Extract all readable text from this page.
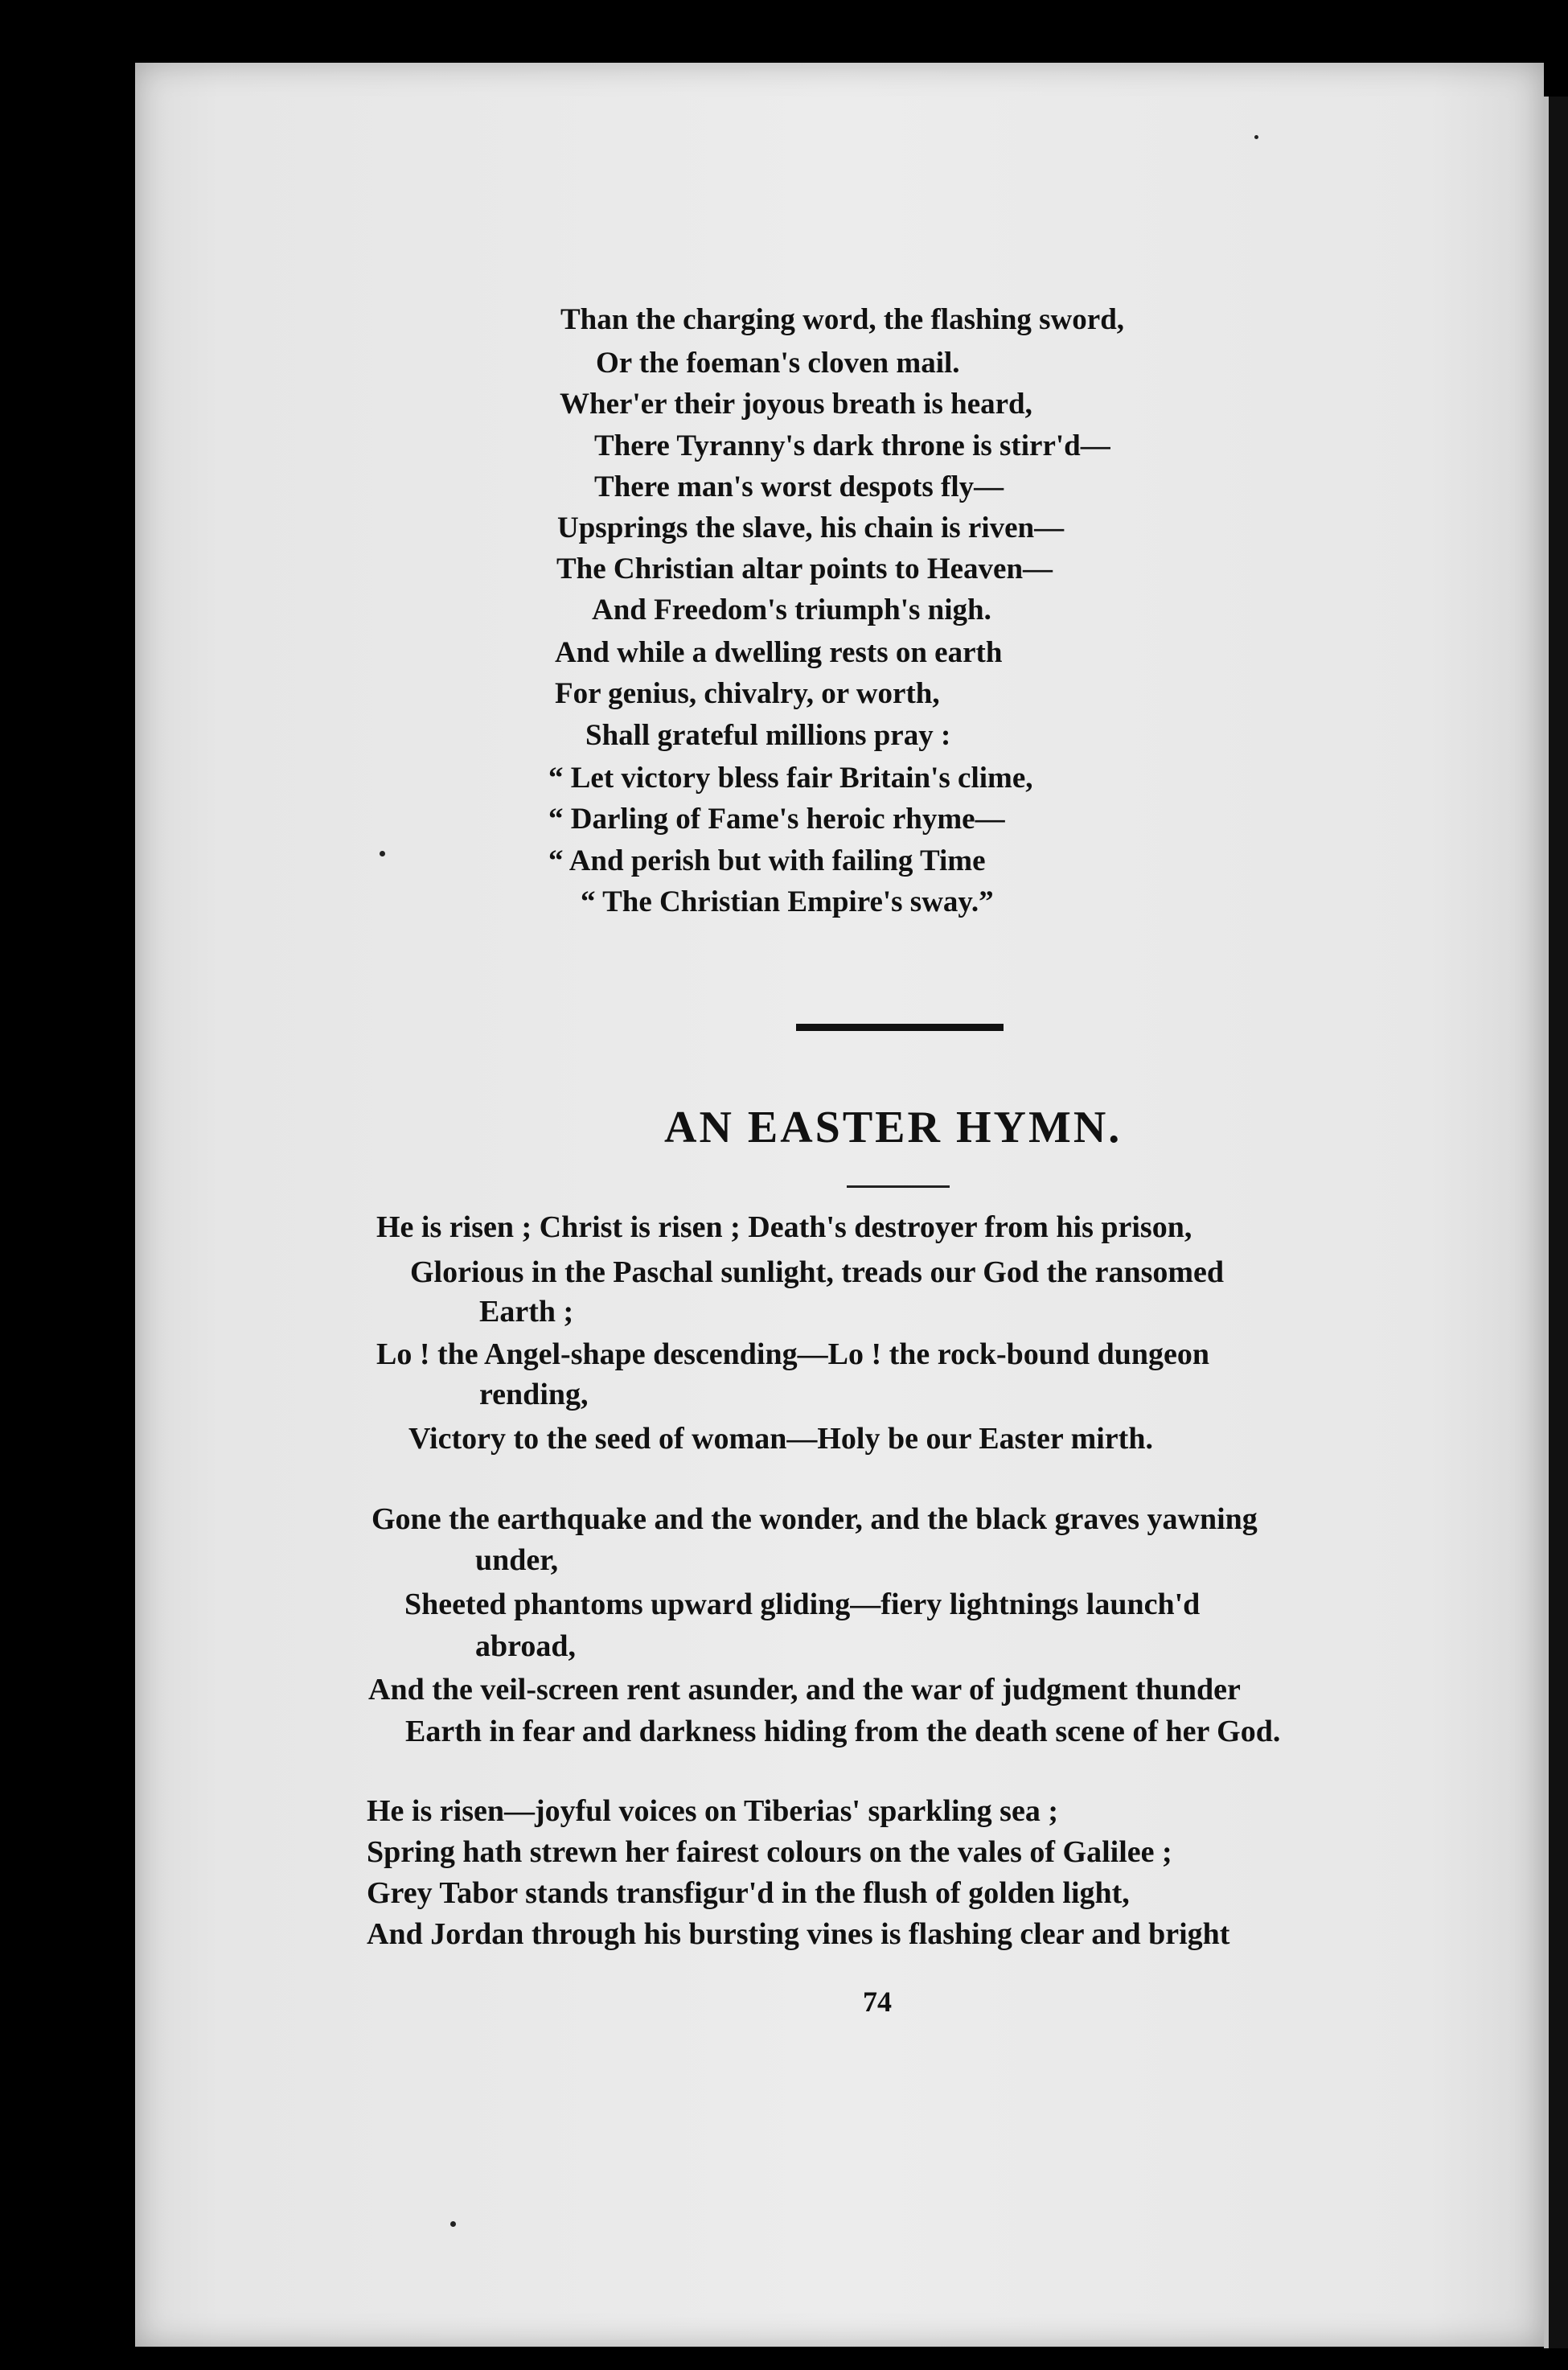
Than the charging word, the flashing sword,
Or the foeman's cloven mail.
Wher'er their joyous breath is heard,
There Tyranny's dark throne is stirr'd—
There man's worst despots fly—
Upsprings the slave, his chain is riven—
The Christian altar points to Heaven—
And Freedom's triumph's nigh.
And while a dwelling rests on earth
For genius, chivalry, or worth,
Shall grateful millions pray :
“ Let victory bless fair Britain's clime,
“ Darling of Fame's heroic rhyme—
“ And perish but with failing Time
“ The Christian Empire's sway.”
AN EASTER HYMN.
He is risen ; Christ is risen ; Death's destroyer from his prison,
Glorious in the Paschal sunlight, treads our God the ransomed
Earth ;
Lo ! the Angel-shape descending—Lo ! the rock-bound dungeon
rending,
Victory to the seed of woman—Holy be our Easter mirth.
Gone the earthquake and the wonder, and the black graves yawning
under,
Sheeted phantoms upward gliding—fiery lightnings launch'd
abroad,
And the veil-screen rent asunder, and the war of judgment thunder
Earth in fear and darkness hiding from the death scene of her God.
He is risen—joyful voices on Tiberias' sparkling sea ;
Spring hath strewn her fairest colours on the vales of Galilee ;
Grey Tabor stands transfigur'd in the flush of golden light,
And Jordan through his bursting vines is flashing clear and bright
74
